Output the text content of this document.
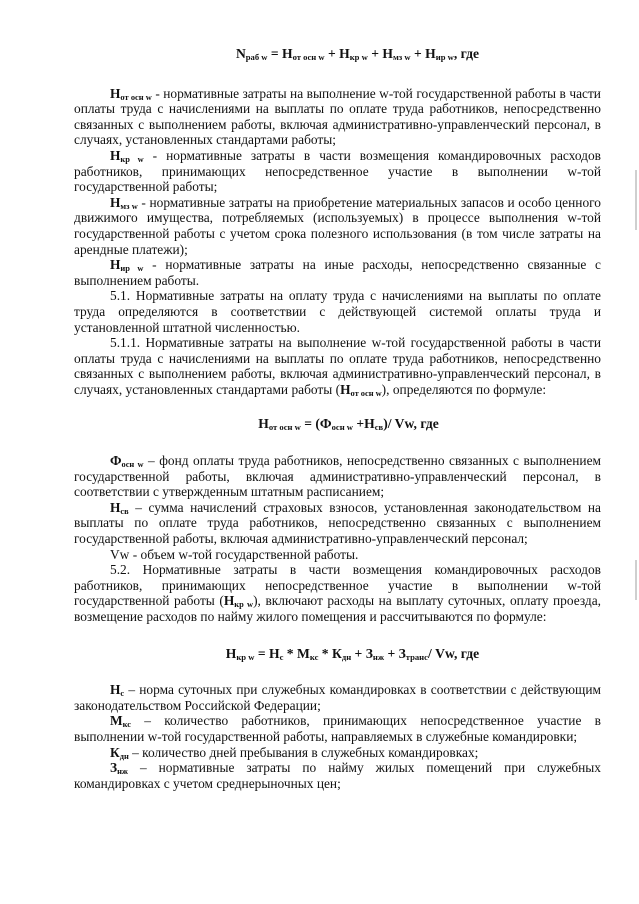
$N_{раб w} = Н_{от осн w} + Н_{кр w} + Н_{мз w} + Н_{ир w}$, где

$Н_{от осн w}$ - нормативные затраты на выполнение w-той государственной работы в части оплаты труда с начислениями на выплаты по оплате труда работников, непосредственно связанных с выполнением работы, включая административно-управленческий персонал, в случаях, установленных стандартами работы;

$Н_{кр w}$ - нормативные затраты в части возмещения командировочных расходов работников, принимающих непосредственное участие в выполнении w-той государственной работы;

$Н_{мз w}$ - нормативные затраты на приобретение материальных запасов и особо ценного движимого имущества, потребляемых (используемых) в процессе выполнения w-той государственной работы с учетом срока полезного использования (в том числе затраты на арендные платежи);

$Н_{ир w}$ - нормативные затраты на иные расходы, непосредственно связанные с выполнением работы.

5.1. Нормативные затраты на оплату труда с начислениями на выплаты по оплате труда определяются в соответствии с действующей системой оплаты труда и установленной штатной численностью.

5.1.1. Нормативные затраты на выполнение w-той государственной работы в части оплаты труда с начислениями на выплаты по оплате труда работников, непосредственно связанных с выполнением работы, включая административно-управленческий персонал, в случаях, установленных стандартами работы $(Н_{от осн w})$, определяются по формуле:

$Н_{от осн w} = (Ф_{осн w} +Н_{св})/$ Vw, где

$Ф_{осн w}$ – фонд оплаты труда работников, непосредственно связанных с выполнением государственной работы, включая административно-управленческий персонал, в соответствии с утвержденным штатным расписанием;

$Н_{св}$ – сумма начислений страховых взносов, установленная законодательством на выплаты по оплате труда работников, непосредственно связанных с выполнением государственной работы, включая административно-управленческий персонал;

Vw - объем w-той государственной работы.

5.2. Нормативные затраты в части возмещения командировочных расходов работников, принимающих непосредственное участие в выполнении w-той государственной работы $(Н_{кр w})$, включают расходы на выплату суточных, оплату проезда, возмещение расходов по найму жилого помещения и рассчитываются по формуле:

$Н_{кр w} = Н_с * М_{кс} * К_{дн} + З_{нж} + З_{транс}/$ Vw, где

$Н_с$ – норма суточных при служебных командировках в соответствии с действующим законодательством Российской Федерации;

$М_{кс}$ – количество работников, принимающих непосредственное участие в выполнении w-той государственной работы, направляемых в служебные командировки;

$К_{дн}$ – количество дней пребывания в служебных командировках;

$З_{нж}$ – нормативные затраты по найму жилых помещений при служебных командировках с учетом среднерыночных цен;
